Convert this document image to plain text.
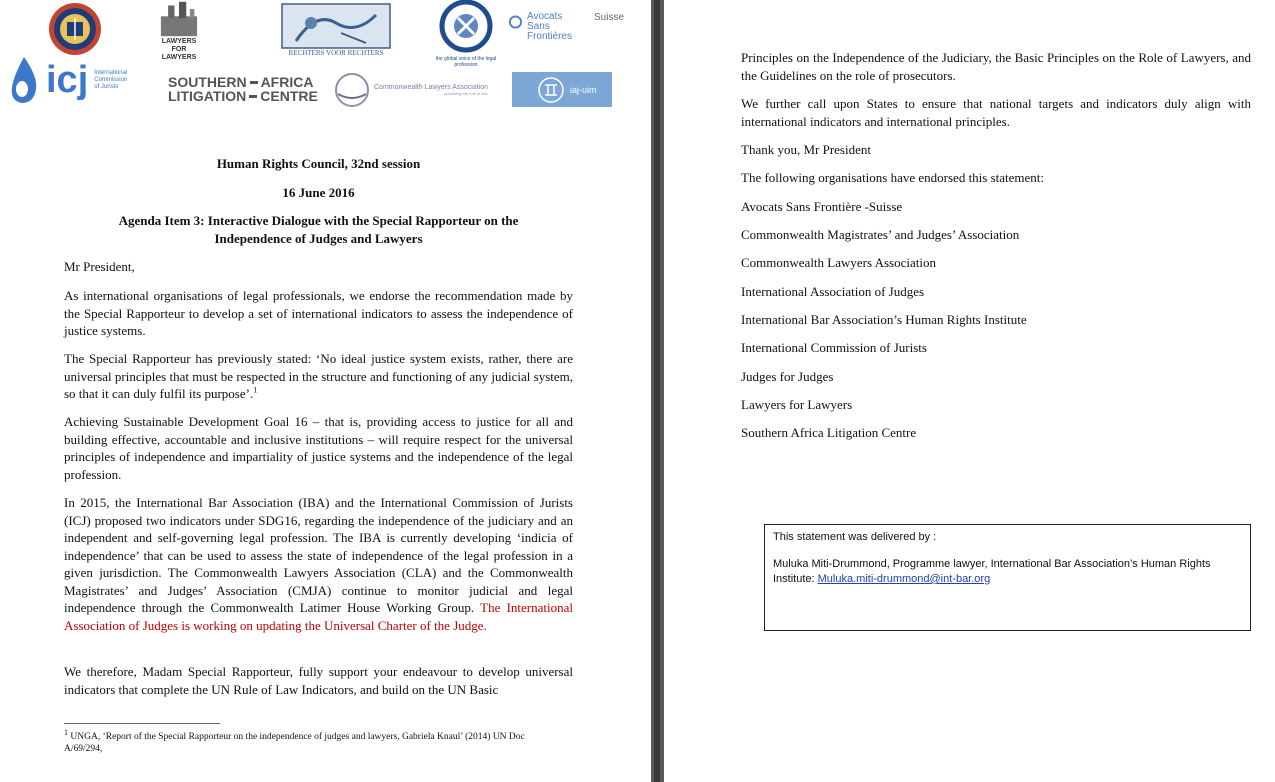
LAWYERS FOR LAWYERS
RECHTERS VOOR RECHTERS
the global voice of the legal profession
Avocats
Sans
Frontières
Suisse
icj International
Commission
of Jurists	SOUTHERN AFRICA
LITIGATION CENTRE
Commonwealth Lawyers Association
upholding the rule of law	iaj-uim
Human Rights Council, 32nd session
16 June 2016
Agenda Item 3: Interactive Dialogue with the Special Rapporteur on the
Independence of Judges and Lawyers
Mr President,
As international organisations of legal professionals, we endorse the recommendation made by the Special Rapporteur to develop a set of international indicators to assess the independence of justice systems.
The Special Rapporteur has previously stated: ‘No ideal justice system exists, rather, there are universal principles that must be respected in the structure and functioning of any judicial system, so that it can duly fulfil its purpose’.$^1$
Achieving Sustainable Development Goal 16 – that is, providing access to justice for all and building effective, accountable and inclusive institutions – will require respect for the universal principles of independence and impartiality of justice systems and the independence of the legal profession.
In 2015, the International Bar Association (IBA) and the International Commission of Jurists (ICJ) proposed two indicators under SDG16, regarding the independence of the judiciary and an independent and self-governing legal profession. The IBA is currently developing ‘indicia of independence’ that can be used to assess the state of independence of the legal profession in a given jurisdiction. The Commonwealth Lawyers Association (CLA) and the Commonwealth Magistrates’ and Judges’ Association (CMJA) continue to monitor judicial and legal independence through the Commonwealth Latimer House Working Group. The International Association of Judges is working on updating the Universal Charter of the Judge.
We therefore, Madam Special Rapporteur, fully support your endeavour to develop universal indicators that complete the UN Rule of Law Indicators, and build on the UN Basic
$^1$ UNGA, ‘Report of the Special Rapporteur on the independence of judges and lawyers, Gabriela Knaul’ (2014) UN Doc A/69/294,
Principles on the Independence of the Judiciary, the Basic Principles on the Role of Lawyers, and the Guidelines on the role of prosecutors.
We further call upon States to ensure that national targets and indicators duly align with international indicators and international principles.
Thank you, Mr President
The following organisations have endorsed this statement:
Avocats Sans Frontière -Suisse
Commonwealth Magistrates’ and Judges’ Association
Commonwealth Lawyers Association
International Association of Judges
International Bar Association’s Human Rights Institute
International Commission of Jurists
Judges for Judges
Lawyers for Lawyers
Southern Africa Litigation Centre
This statement was delivered by :
Muluka Miti-Drummond, Programme lawyer, International Bar Association’s Human Rights Institute: Muluka.miti-drummond@int-bar.org
